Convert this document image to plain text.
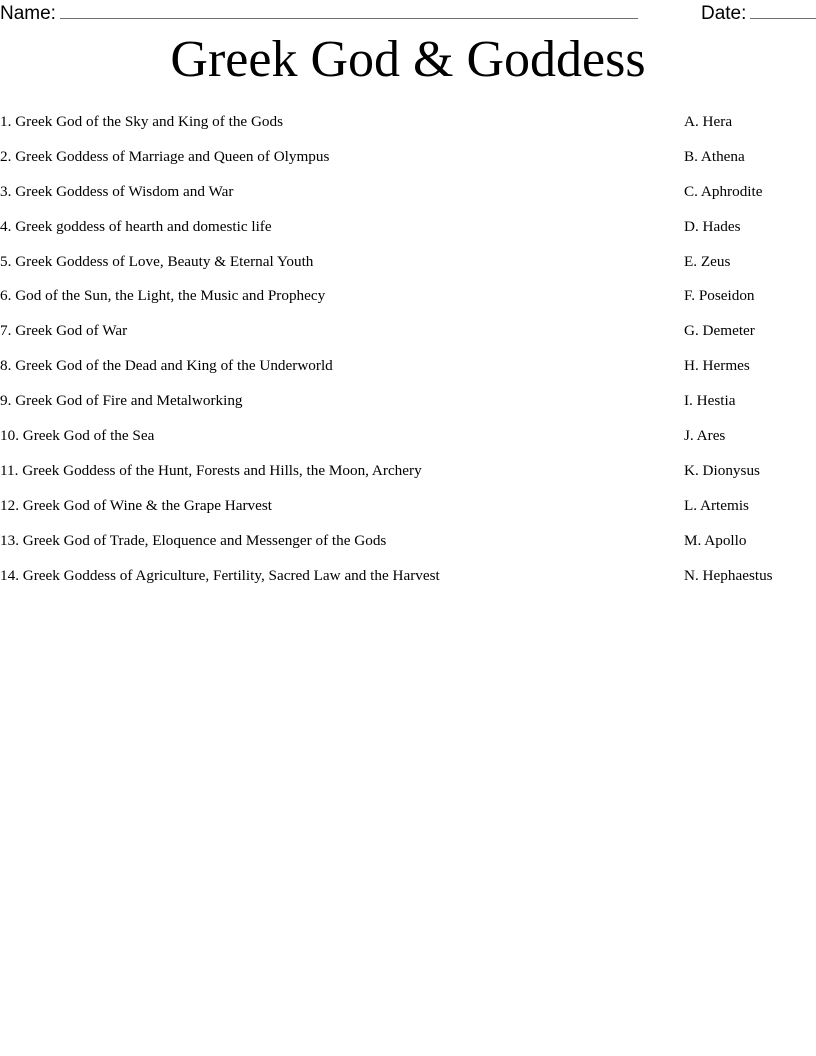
Name:	Date:
Greek God & Goddess
1. Greek God of the Sky and King of the Gods	A. Hera
2. Greek Goddess of Marriage and Queen of Olympus	B. Athena
3. Greek Goddess of Wisdom and War	C. Aphrodite
4. Greek goddess of hearth and domestic life	D. Hades
5. Greek Goddess of Love, Beauty & Eternal Youth	E. Zeus
6. God of the Sun, the Light, the Music and Prophecy	F. Poseidon
7. Greek God of War	G. Demeter
8. Greek God of the Dead and King of the Underworld	H. Hermes
9. Greek God of Fire and Metalworking	I. Hestia
10. Greek God of the Sea	J. Ares
11. Greek Goddess of the Hunt, Forests and Hills, the Moon, Archery	K. Dionysus
12. Greek God of Wine & the Grape Harvest	L. Artemis
13. Greek God of Trade, Eloquence and Messenger of the Gods	M. Apollo
14. Greek Goddess of Agriculture, Fertility, Sacred Law and the Harvest	N. Hephaestus
